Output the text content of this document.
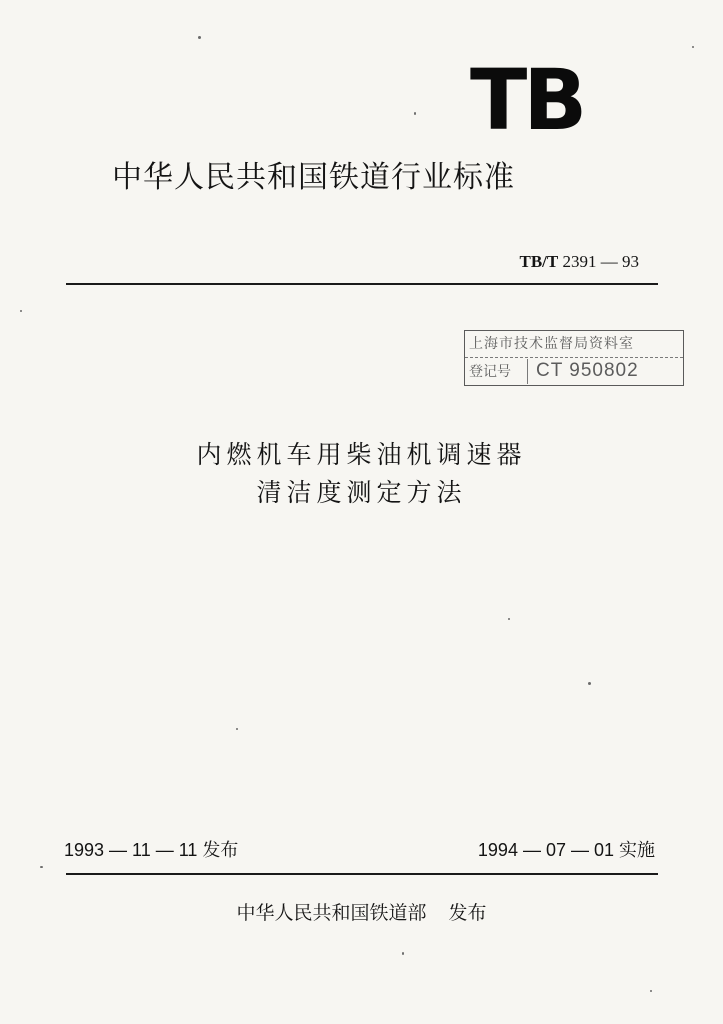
TB
中华人民共和国铁道行业标准
TB/T 2391 — 93
上海市技术监督局资料室
登记号 CT 950802
内燃机车用柴油机调速器
清洁度测定方法
1993 — 11 — 11 发布	1994 — 07 — 01 实施
中华人民共和国铁道部 发布
